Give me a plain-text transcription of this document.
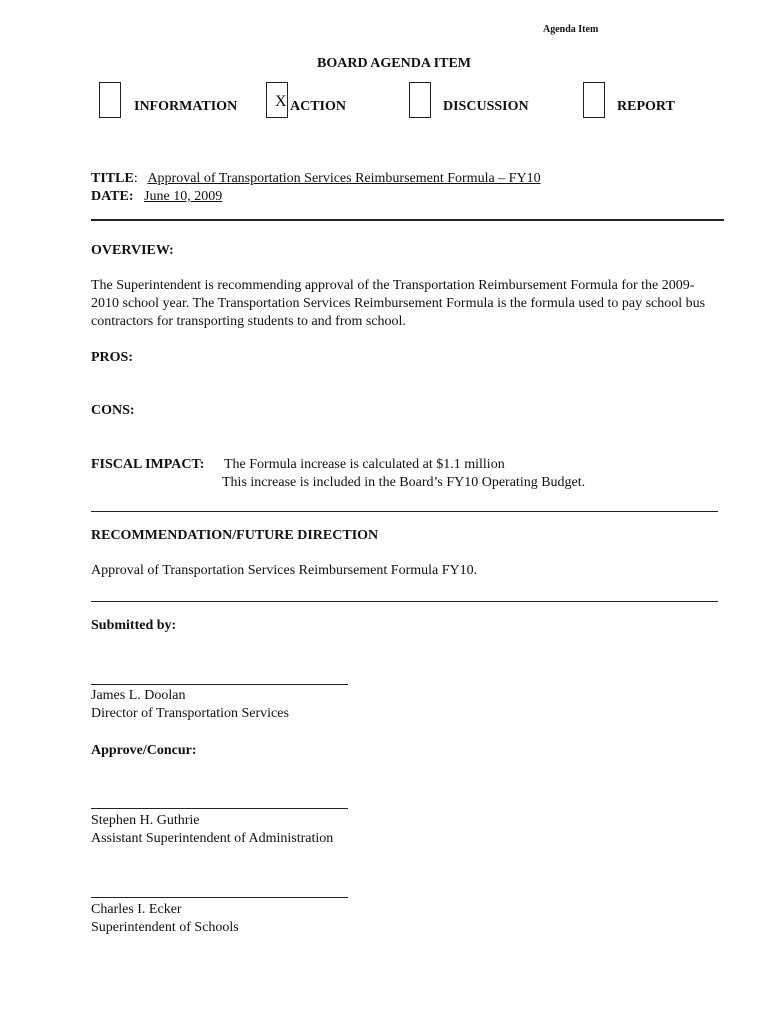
Agenda Item
BOARD AGENDA ITEM
INFORMATION X ACTION	DISCUSSION	REPORT
TITLE: Approval of Transportation Services Reimbursement Formula – FY10
DATE: June 10, 2009
OVERVIEW:
The Superintendent is recommending approval of the Transportation Reimbursement Formula for the 2009-2010 school year. The Transportation Services Reimbursement Formula is the formula used to pay school bus contractors for transporting students to and from school.
PROS:
CONS:
FISCAL IMPACT: The Formula increase is calculated at $1.1 million
This increase is included in the Board’s FY10 Operating Budget.
RECOMMENDATION/FUTURE DIRECTION
Approval of Transportation Services Reimbursement Formula FY10.
Submitted by:
James L. Doolan
Director of Transportation Services
Approve/Concur:
Stephen H. Guthrie
Assistant Superintendent of Administration
Charles I. Ecker
Superintendent of Schools
